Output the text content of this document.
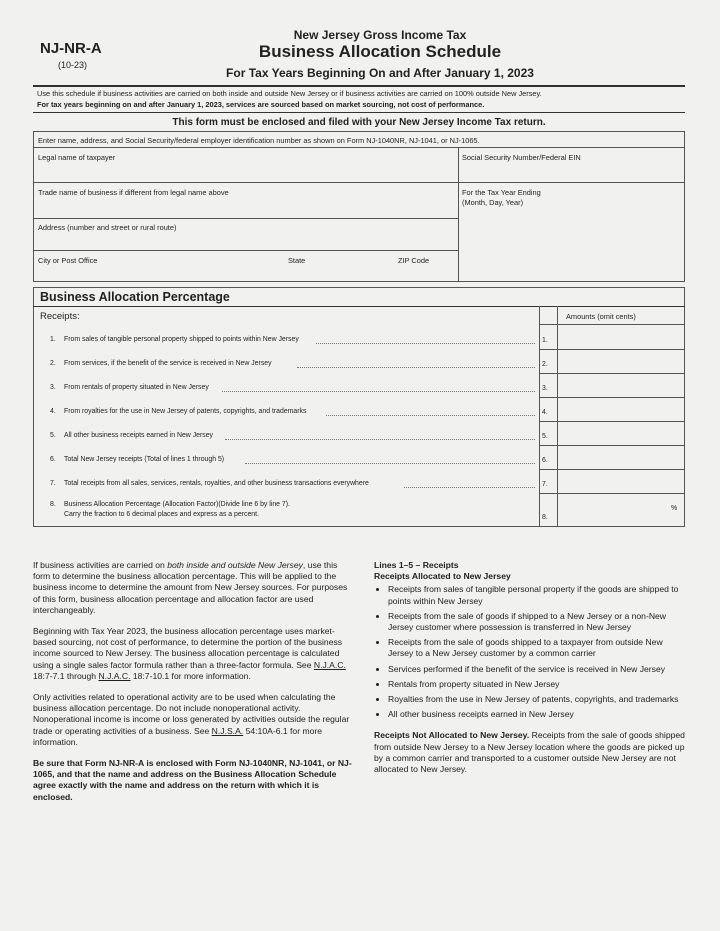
NJ-NR-A
(10-23)
New Jersey Gross Income Tax
Business Allocation Schedule
For Tax Years Beginning On and After January 1, 2023
Use this schedule if business activities are carried on both inside and outside New Jersey or if business activities are carried on 100% outside New Jersey.
For tax years beginning on and after January 1, 2023, services are sourced based on market sourcing, not cost of performance.
This form must be enclosed and filed with your New Jersey Income Tax return.
Enter name, address, and Social Security/federal employer identification number as shown on Form NJ-1040NR, NJ-1041, or NJ-1065.
Legal name of taxpayer	Social Security Number/Federal EIN
Trade name of business if different from legal name above	For the Tax Year Ending
(Month, Day, Year)
Address (number and street or rural route)
City or Post Office	State	ZIP Code
Business Allocation Percentage
Receipts:	Amounts (omit cents)
1. From sales of tangible personal property shipped to points within New Jersey	1.
2. From services, if the benefit of the service is received in New Jersey	2.
3. From rentals of property situated in New Jersey	3.
4. From royalties for the use in New Jersey of patents, copyrights, and trademarks	4.
5. All other business receipts earned in New Jersey	5.
6. Total New Jersey receipts (Total of lines 1 through 5)	6.
7. Total receipts from all sales, services, rentals, royalties, and other business transactions everywhere	7.
8. Business Allocation Percentage (Allocation Factor)(Divide line 6 by line 7).
Carry the fraction to 6 decimal places and express as a percent.	8.
%

If business activities are carried on both inside and outside New Jersey, use this form to determine the business allocation percentage. This will be applied to the business income to determine the amount from New Jersey sources. For purposes of this form, business allocation percentage and allocation factor are used interchangeably.

Beginning with Tax Year 2023, the business allocation percentage uses market-based sourcing, not cost of performance, to determine the portion of the business income sourced to New Jersey. The business allocation percentage is calculated using a single sales factor formula rather than a three-factor formula. See N.J.A.C. 18:7-7.1 through N.J.A.C. 18:7-10.1 for more information.

Only activities related to operational activity are to be used when calculating the business allocation percentage. Do not include nonoperational activity. Nonoperational income is income or loss generated by activities outside the regular trade or operating activities of a business. See N.J.S.A. 54:10A-6.1 for more information.

Be sure that Form NJ-NR-A is enclosed with Form NJ-1040NR, NJ-1041, or NJ-1065, and that the name and address on the Business Allocation Schedule agree exactly with the name and address on the return with which it is enclosed.

Lines 1–5 – Receipts
Receipts Allocated to New Jersey
• Receipts from sales of tangible personal property if the goods are shipped to points within New Jersey
• Receipts from the sale of goods if shipped to a New Jersey or a non-New Jersey customer where possession is transferred in New Jersey
• Receipts from the sale of goods shipped to a taxpayer from outside New Jersey to a New Jersey customer by a common carrier
• Services performed if the benefit of the service is received in New Jersey
• Rentals from property situated in New Jersey
• Royalties from the use in New Jersey of patents, copyrights, and trademarks
• All other business receipts earned in New Jersey

Receipts Not Allocated to New Jersey. Receipts from the sale of goods shipped from outside New Jersey to a New Jersey location where the goods are picked up by a common carrier and transported to a customer outside New Jersey are not allocated to New Jersey.
